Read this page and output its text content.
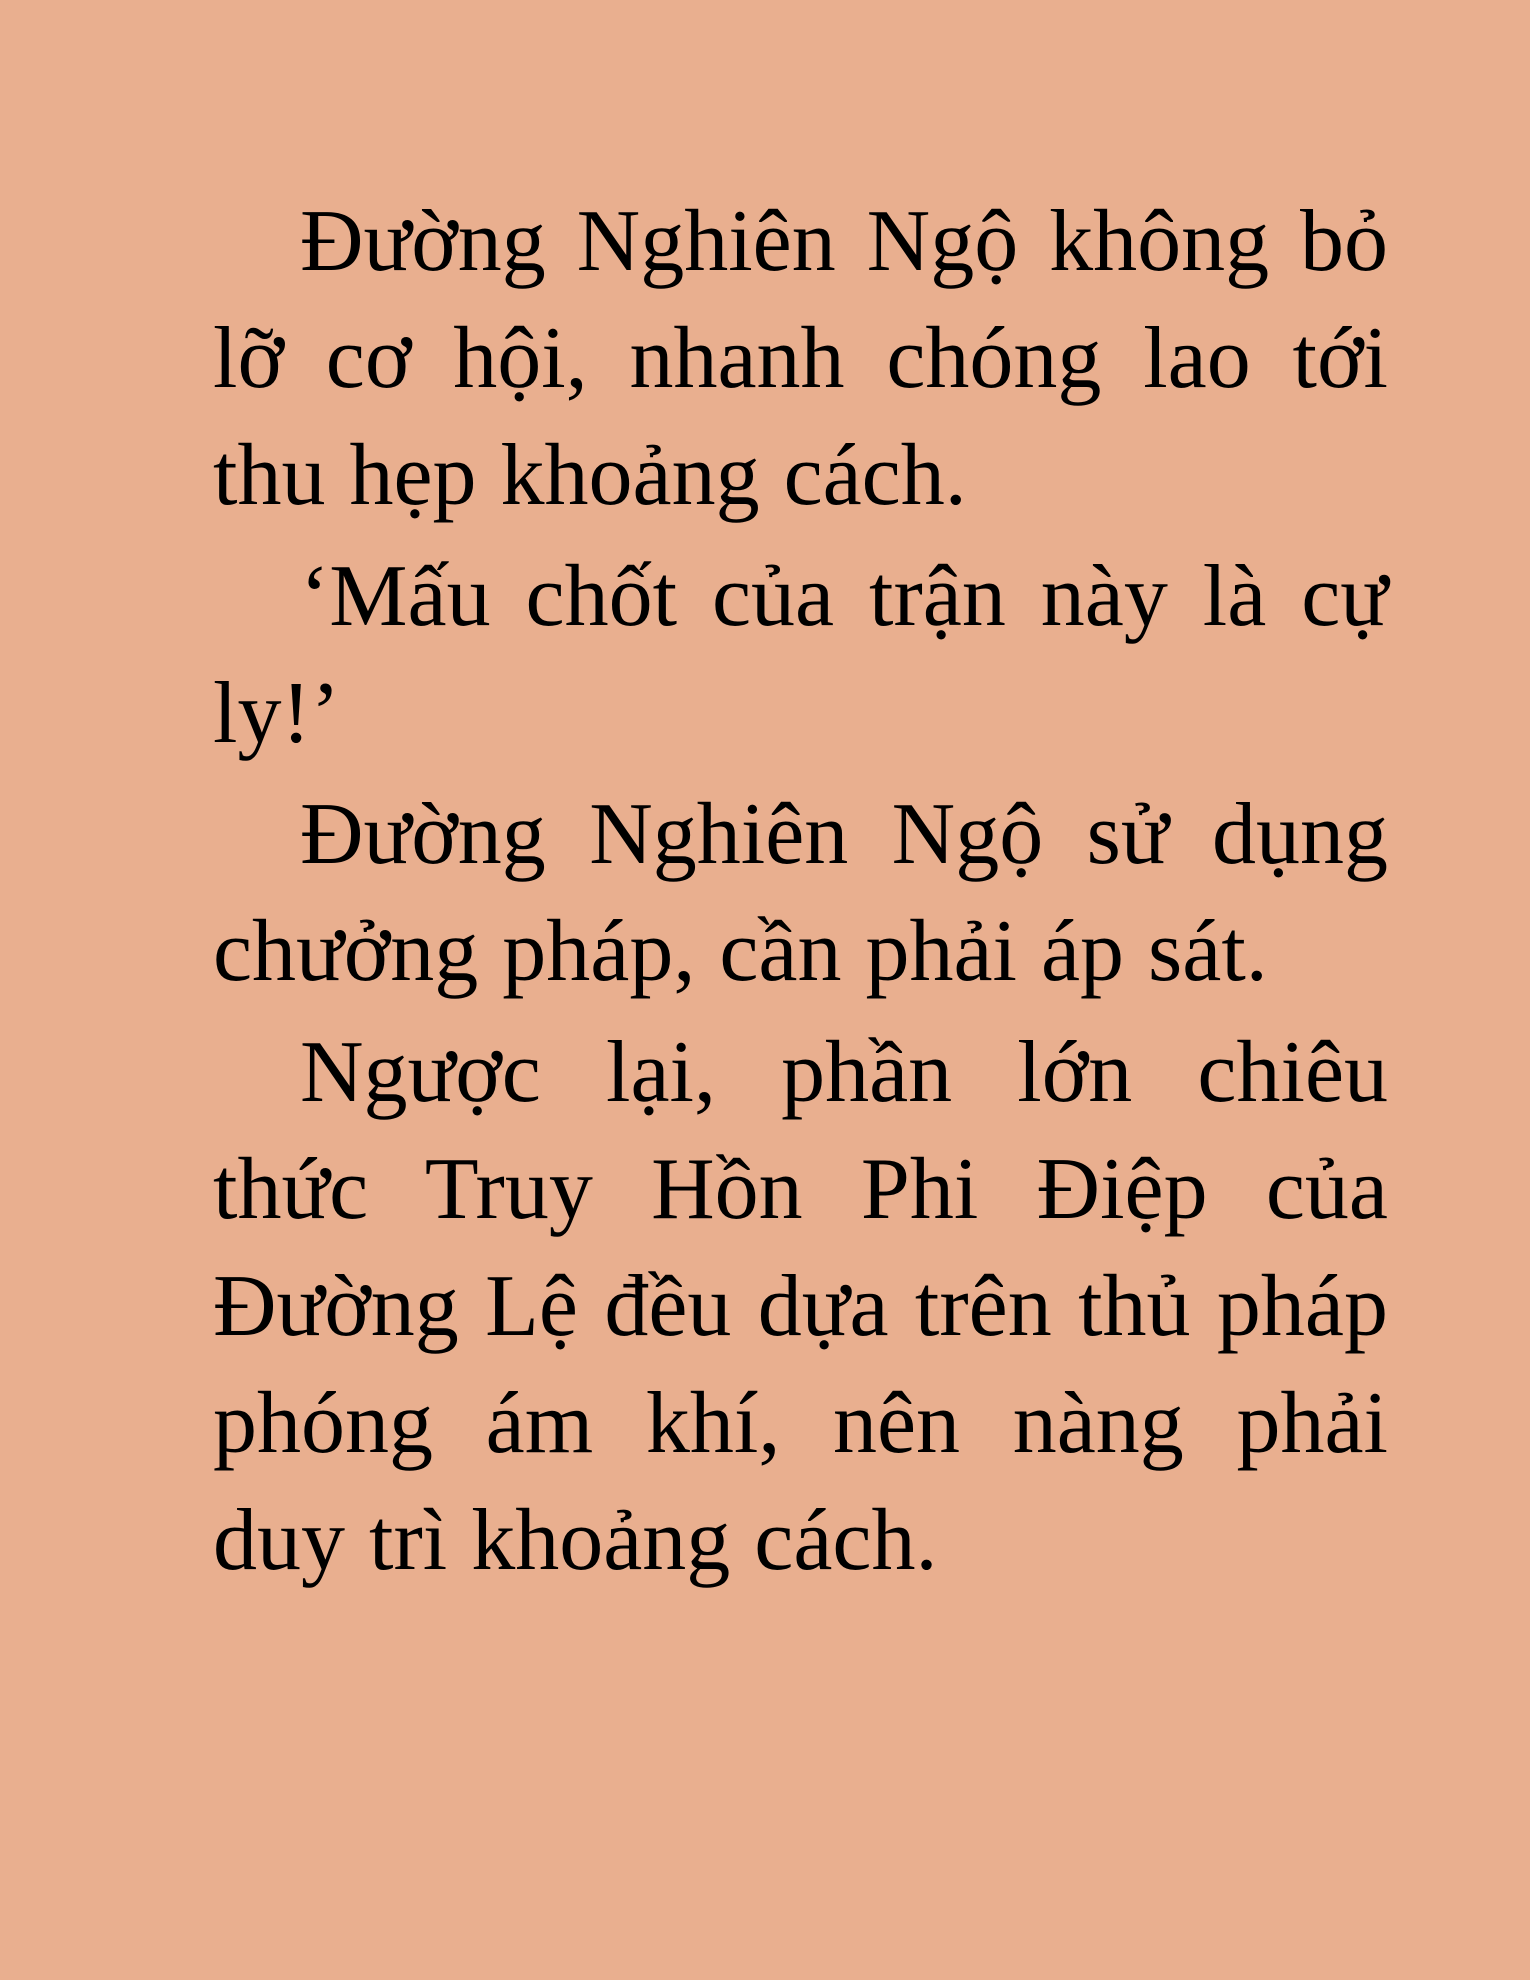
Đường Nghiên Ngộ không bỏ lỡ cơ hội, nhanh chóng lao tới thu hẹp khoảng cách.

‘Mấu chốt của trận này là cự ly!’

Đường Nghiên Ngộ sử dụng chưởng pháp, cần phải áp sát.

Ngược lại, phần lớn chiêu thức Truy Hồn Phi Điệp của Đường Lệ đều dựa trên thủ pháp phóng ám khí, nên nàng phải duy trì khoảng cách.
